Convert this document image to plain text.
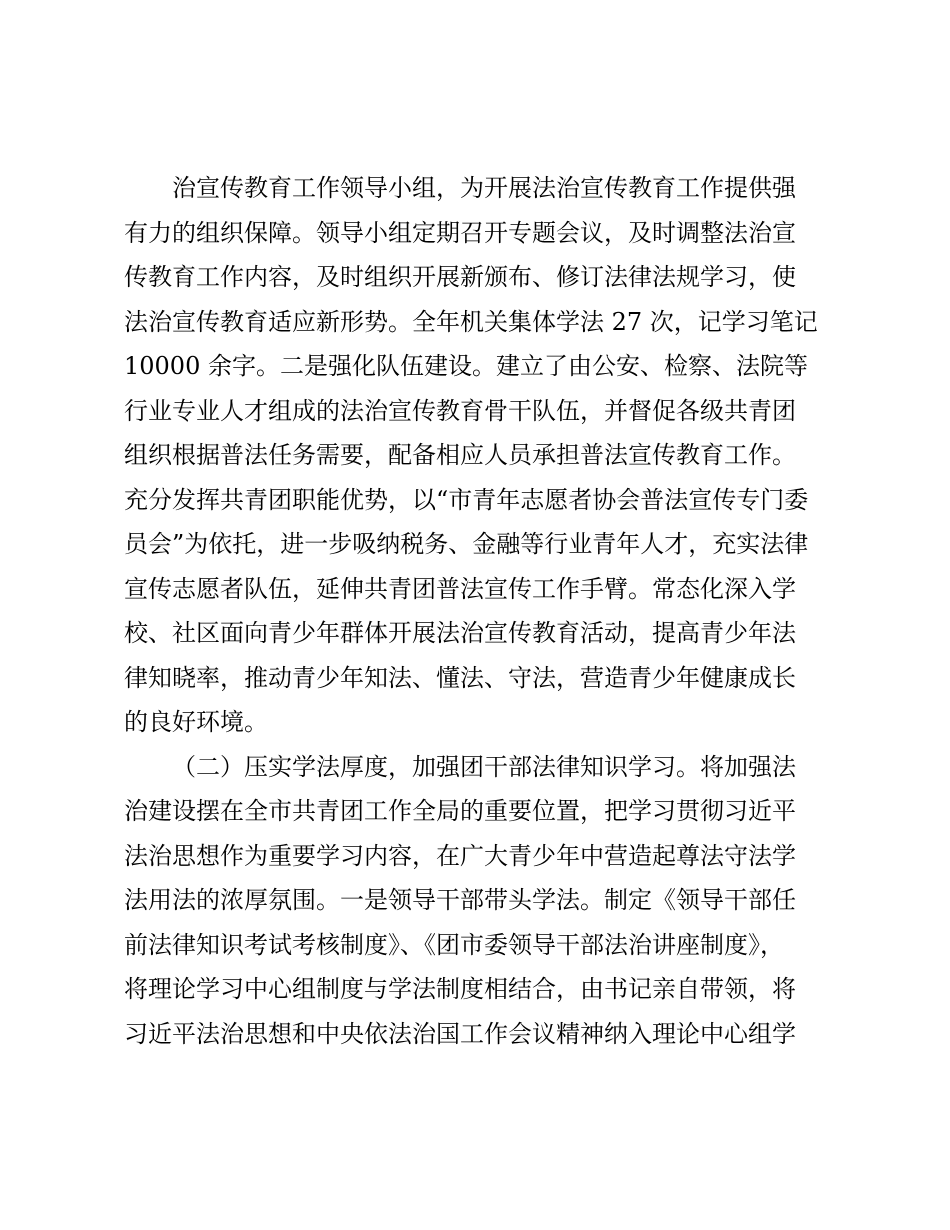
治宣传教育工作领导小组，为开展法治宣传教育工作提供强
有力的组织保障。领导小组定期召开专题会议，及时调整法治宣
传教育工作内容，及时组织开展新颁布、修订法律法规学习，使
法治宣传教育适应新形势。全年机关集体学法 27 次，记学习笔记
10000 余字。二是强化队伍建设。建立了由公安、检察、法院等
行业专业人才组成的法治宣传教育骨干队伍，并督促各级共青团
组织根据普法任务需要，配备相应人员承担普法宣传教育工作。
充分发挥共青团职能优势，以“市青年志愿者协会普法宣传专门委
员会”为依托，进一步吸纳税务、金融等行业青年人才，充实法律
宣传志愿者队伍，延伸共青团普法宣传工作手臂。常态化深入学
校、社区面向青少年群体开展法治宣传教育活动，提高青少年法
律知晓率，推动青少年知法、懂法、守法，营造青少年健康成长
的良好环境。
（二）压实学法厚度，加强团干部法律知识学习。将加强法
治建设摆在全市共青团工作全局的重要位置，把学习贯彻习近平
法治思想作为重要学习内容，在广大青少年中营造起尊法守法学
法用法的浓厚氛围。一是领导干部带头学法。制定《领导干部任
前法律知识考试考核制度》、《团市委领导干部法治讲座制度》，
将理论学习中心组制度与学法制度相结合，由书记亲自带领，将
习近平法治思想和中央依法治国工作会议精神纳入理论中心组学
